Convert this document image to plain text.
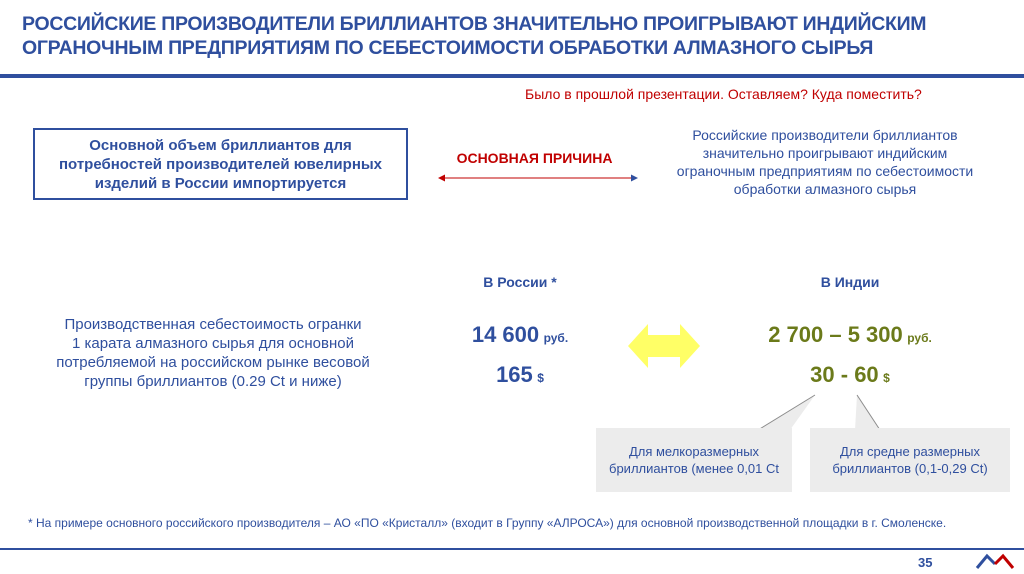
РОССИЙСКИЕ ПРОИЗВОДИТЕЛИ БРИЛЛИАНТОВ ЗНАЧИТЕЛЬНО ПРОИГРЫВАЮТ ИНДИЙСКИМ
ОГРАНОЧНЫМ ПРЕДПРИЯТИЯМ ПО СЕБЕСТОИМОСТИ ОБРАБОТКИ АЛМАЗНОГО СЫРЬЯ
Было в прошлой презентации. Оставляем? Куда поместить?
Основной объем бриллиантов для
потребностей производителей ювелирных
изделий в России импортируется
ОСНОВНАЯ ПРИЧИНА
Российские производители бриллиантов
значительно проигрывают индийским
ограночным предприятиям по себестоимости
обработки алмазного сырья
В России *	В Индии
Производственная себестоимость огранки
1 карата алмазного сырья для основной
потребляемой на российском рынке весовой
группы бриллиантов (0.29 Ct и ниже)
14 600 руб.
165 $
2 700 – 5 300 руб.
30 - 60 $
Для мелкоразмерных
бриллиантов (менее 0,01 Ct
Для средне размерных
бриллиантов (0,1-0,29 Ct)
* На примере основного российского производителя – АО «ПО «Кристалл» (входит в Группу «АЛРОСА») для основной производственной площадки в г. Смоленске.
35
